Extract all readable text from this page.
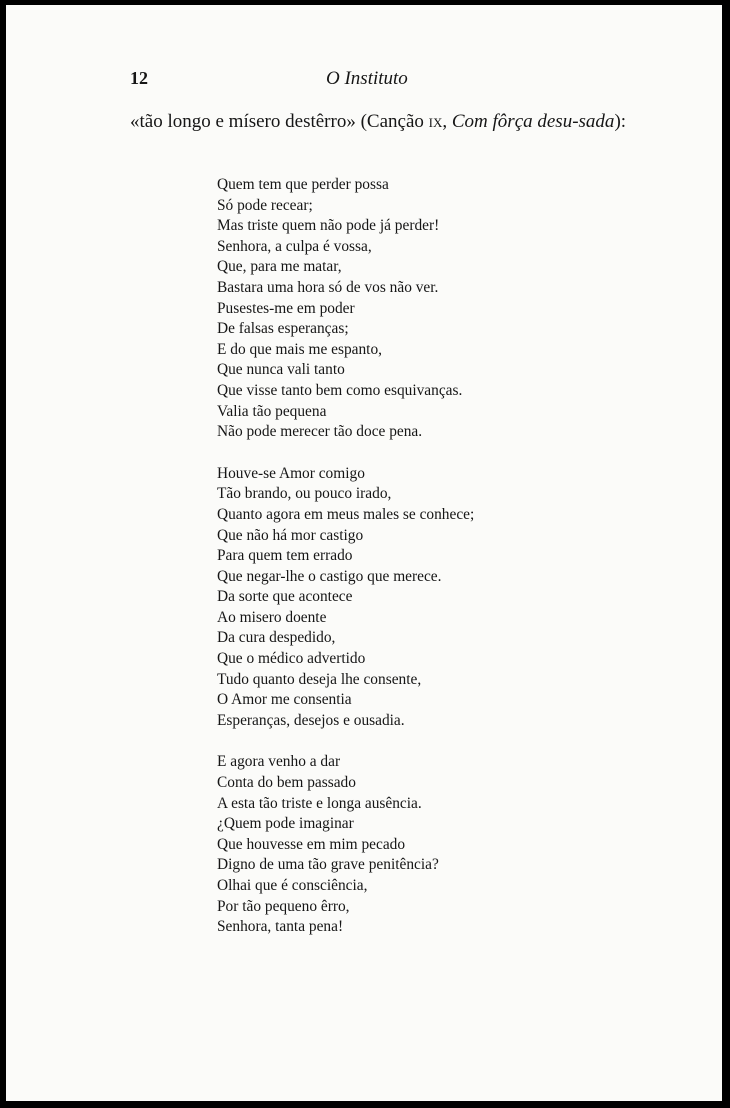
12	O Instituto

«tão longo e mísero destêrro» (Canção ix, Com fôrça desu-sada):

Quem tem que perder possa
Só pode recear;
Mas triste quem não pode já perder!
Senhora, a culpa é vossa,
Que, para me matar,
Bastara uma hora só de vos não ver.
Pusestes-me em poder
De falsas esperanças;
E do que mais me espanto,
Que nunca vali tanto
Que visse tanto bem como esquivanças.
Valia tão pequena
Não pode merecer tão doce pena.
Houve-se Amor comigo
Tão brando, ou pouco irado,
Quanto agora em meus males se conhece;
Que não há mor castigo
Para quem tem errado
Que negar-lhe o castigo que merece.
Da sorte que acontece
Ao misero doente
Da cura despedido,
Que o médico advertido
Tudo quanto deseja lhe consente,
O Amor me consentia
Esperanças, desejos e ousadia.
E agora venho a dar
Conta do bem passado
A esta tão triste e longa ausência.
¿Quem pode imaginar
Que houvesse em mim pecado
Digno de uma tão grave penitência?
Olhai que é consciência,
Por tão pequeno êrro,
Senhora, tanta pena!
